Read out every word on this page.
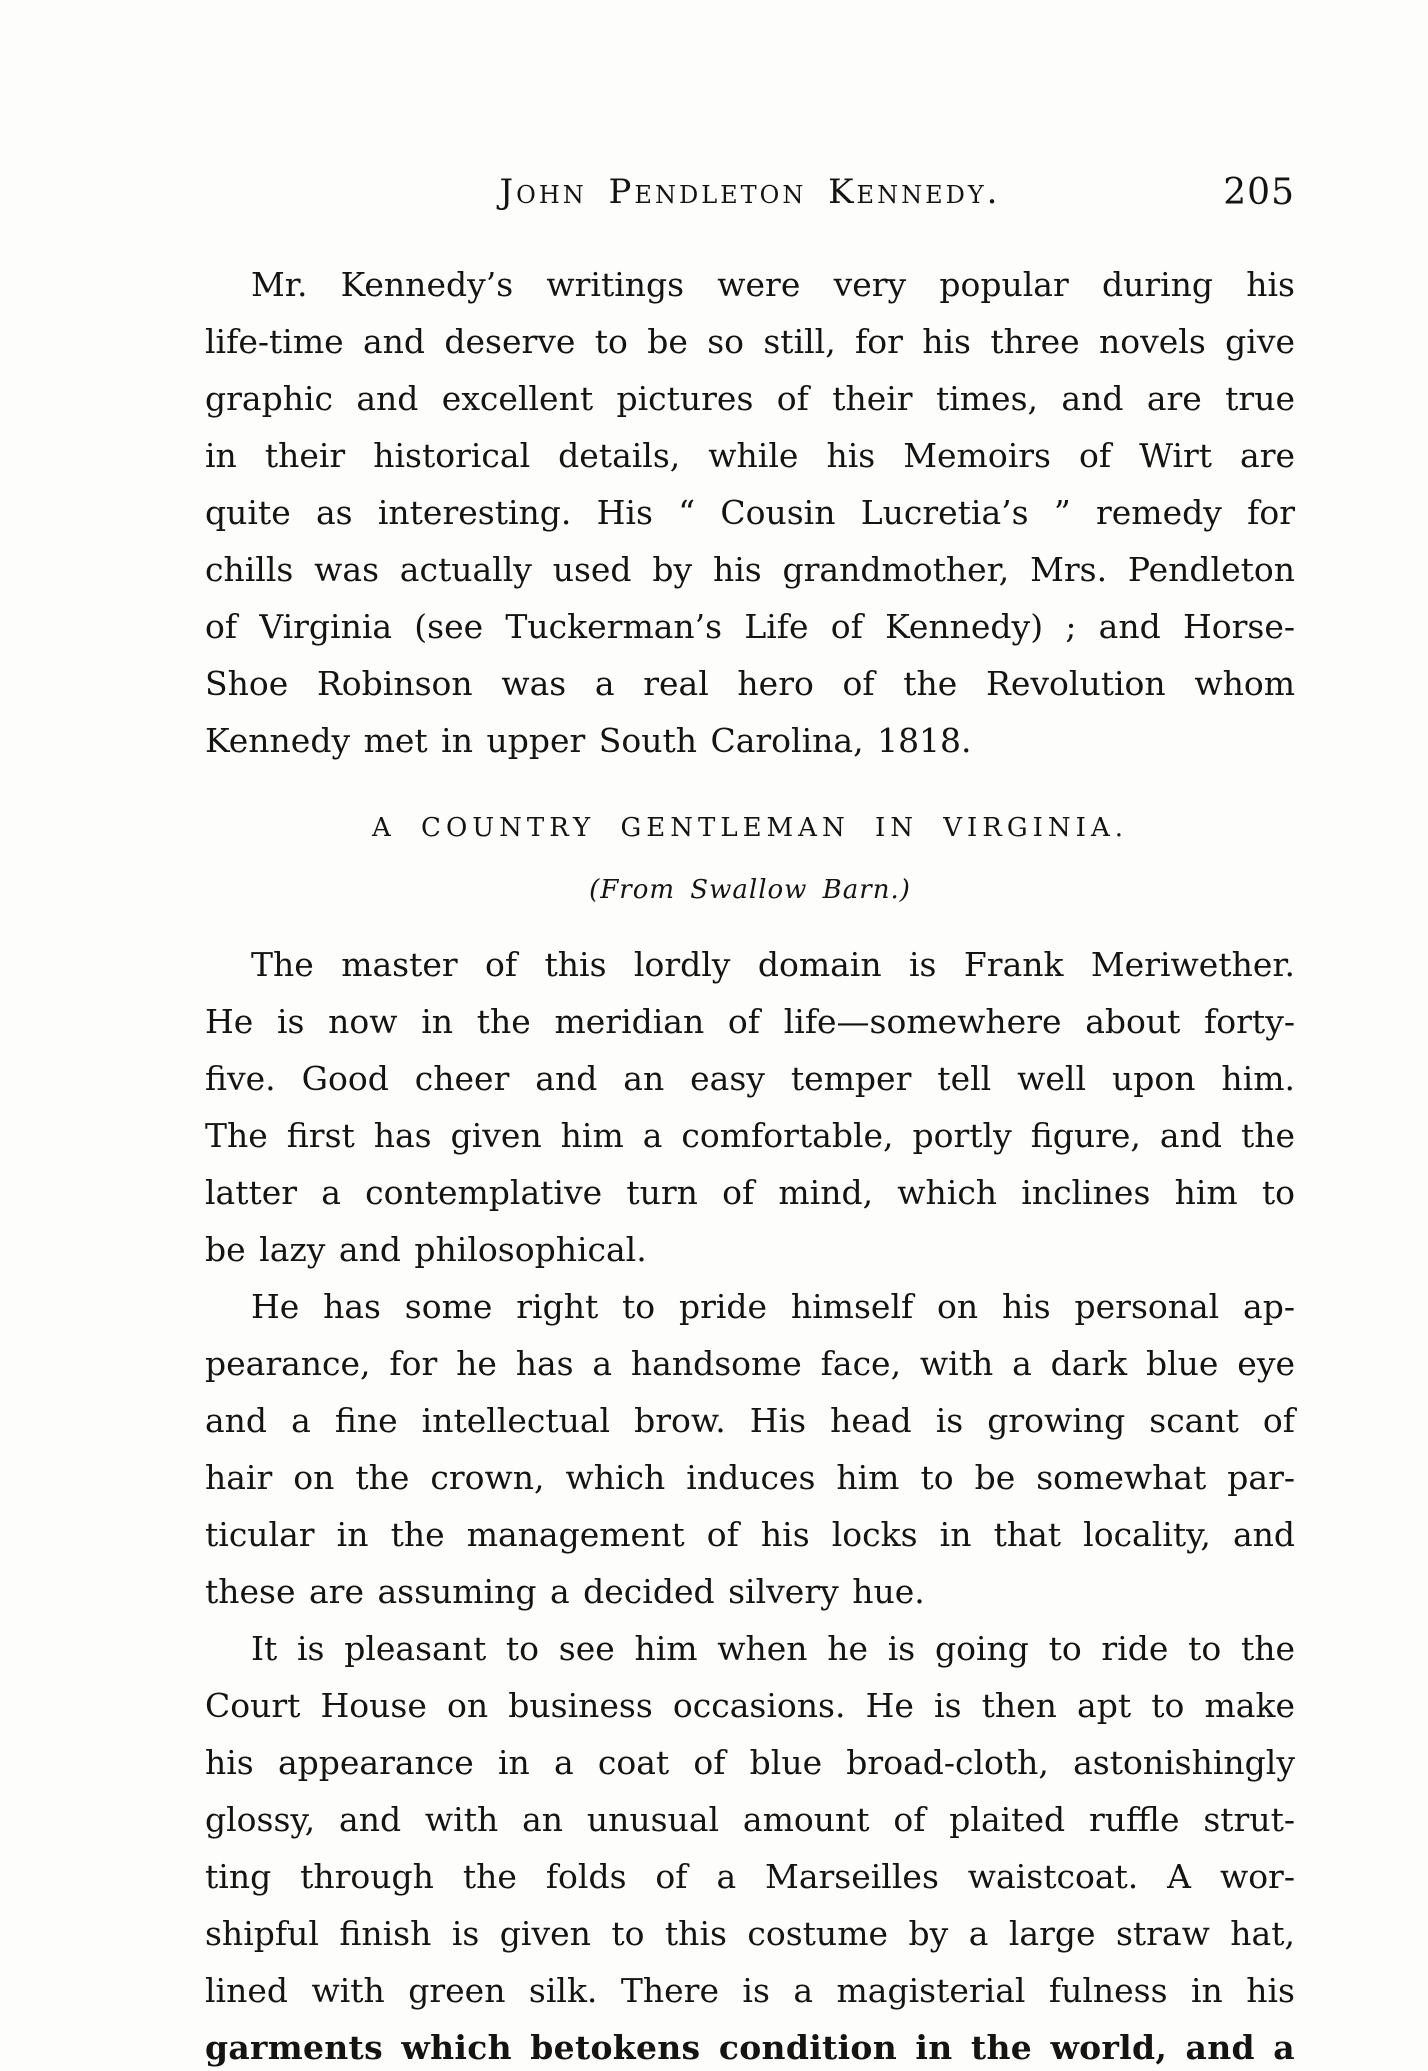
John Pendleton Kennedy.	205
Mr. Kennedy’s writings were very popular during his
life-time and deserve to be so still, for his three novels give
graphic and excellent pictures of their times, and are true
in their historical details, while his Memoirs of Wirt are
quite as interesting. His “ Cousin Lucretia’s ” remedy for
chills was actually used by his grandmother, Mrs. Pendleton
of Virginia (see Tuckerman’s Life of Kennedy) ; and Horse-
Shoe Robinson was a real hero of the Revolution whom
Kennedy met in upper South Carolina, 1818.
A COUNTRY GENTLEMAN IN VIRGINIA.
(From Swallow Barn.)
The master of this lordly domain is Frank Meriwether.
He is now in the meridian of life—somewhere about forty-
five. Good cheer and an easy temper tell well upon him.
The first has given him a comfortable, portly figure, and the
latter a contemplative turn of mind, which inclines him to
be lazy and philosophical.
He has some right to pride himself on his personal ap-
pearance, for he has a handsome face, with a dark blue eye
and a fine intellectual brow. His head is growing scant of
hair on the crown, which induces him to be somewhat par-
ticular in the management of his locks in that locality, and
these are assuming a decided silvery hue.
It is pleasant to see him when he is going to ride to the
Court House on business occasions. He is then apt to make
his appearance in a coat of blue broad-cloth, astonishingly
glossy, and with an unusual amount of plaited ruffle strut-
ting through the folds of a Marseilles waistcoat. A wor-
shipful finish is given to this costume by a large straw hat,
lined with green silk. There is a magisterial fulness in his
garments which betokens condition in the world, and a
